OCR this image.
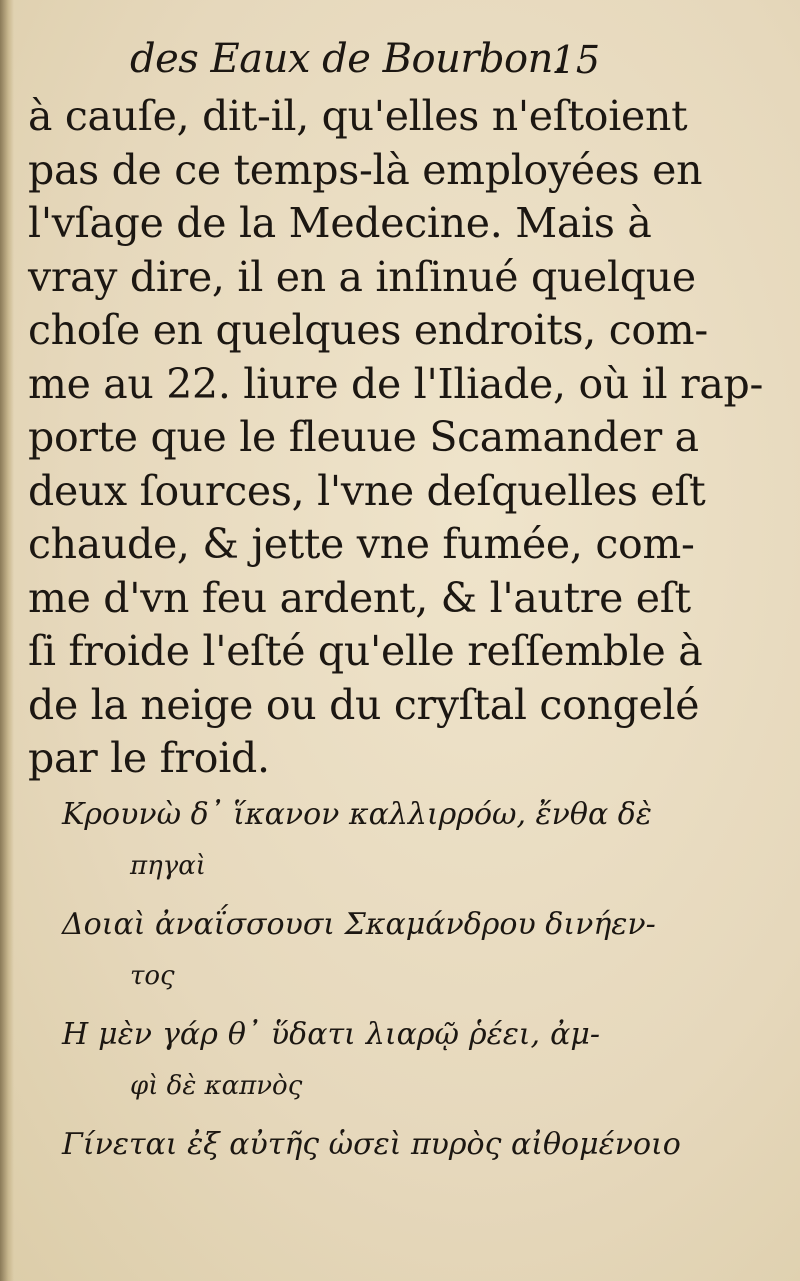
des Eaux de Bourbon.
15
à cauſe, dit-il, qu'elles n'eſtoient
pas de ce temps-là employées en
l'vſage de la Medecine. Mais à
vray dire, il en a inſinué quelque
choſe en quelques endroits, com-
me au 22. liure de l'Iliade, où il rap-
porte que le fleuue Scamander a
deux ſources, l'vne deſquelles eſt
chaude, & jette vne fumée, com-
me d'vn feu ardent, & l'autre eſt
ſi froide l'eſté qu'elle reſſemble à
de la neige ou du cryſtal congelé
par le froid.
Κρουνὼ δ᾽ ἵκανον καλλιρρόω, ἔνθα δὲ
πηγαὶ
Δοιαὶ ἀναΐσσουσι Σκαμάνδρου δινήεν-
τος
Η μὲν γάρ θ᾽ ὕδατι λιαρῷ ῥέει, ἀμ-
φὶ δὲ καπνὸς
Γίνεται ἐξ αὐτῆς ὡσεὶ πυρὸς αἰθομένοιο
